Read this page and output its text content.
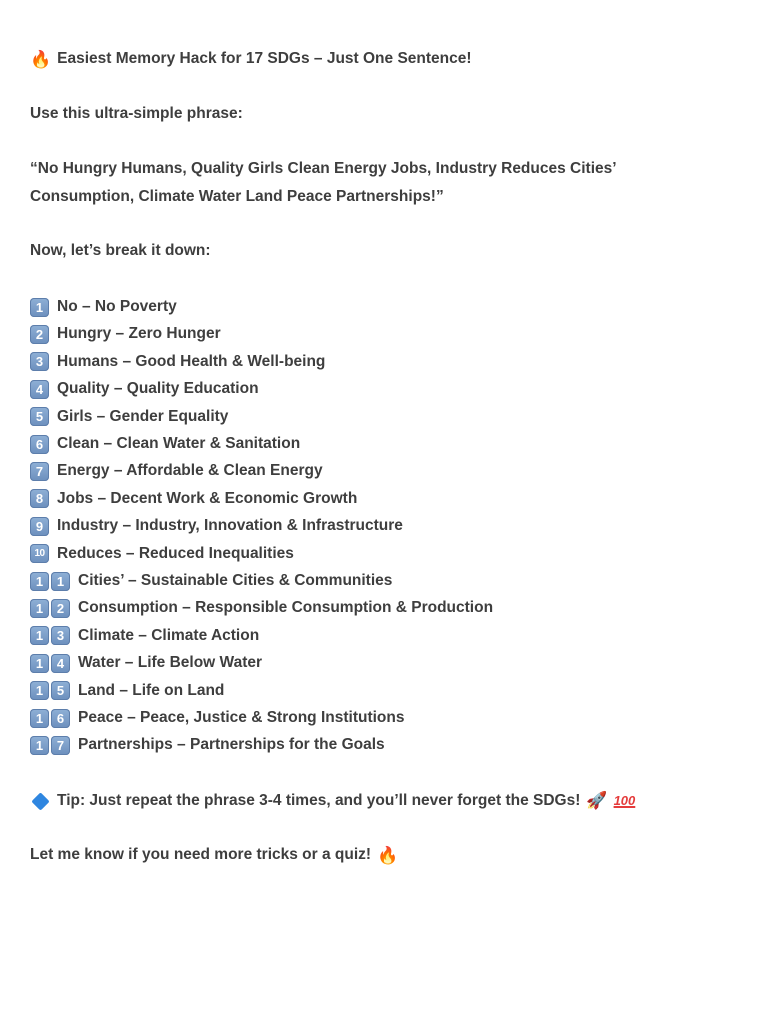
🔥 Easiest Memory Hack for 17 SDGs – Just One Sentence!
Use this ultra-simple phrase:
“No Hungry Humans, Quality Girls Clean Energy Jobs, Industry Reduces Cities’
Consumption, Climate Water Land Peace Partnerships!”
Now, let’s break it down:
1 No – No Poverty
2 Hungry – Zero Hunger
3 Humans – Good Health & Well-being
4 Quality – Quality Education
5 Girls – Gender Equality
6 Clean – Clean Water & Sanitation
7 Energy – Affordable & Clean Energy
8 Jobs – Decent Work & Economic Growth
9 Industry – Industry, Innovation & Infrastructure
10 Reduces – Reduced Inequalities
1	1 Cities’ – Sustainable Cities & Communities
1	2 Consumption – Responsible Consumption & Production
1	3 Climate – Climate Action
1	4 Water – Life Below Water
1	5 Land – Life on Land
1	6 Peace – Peace, Justice & Strong Institutions
1	7 Partnerships – Partnerships for the Goals
Tip: Just repeat the phrase 3-4 times, and you’ll never forget the SDGs! 🚀 100
Let me know if you need more tricks or a quiz! 🔥
